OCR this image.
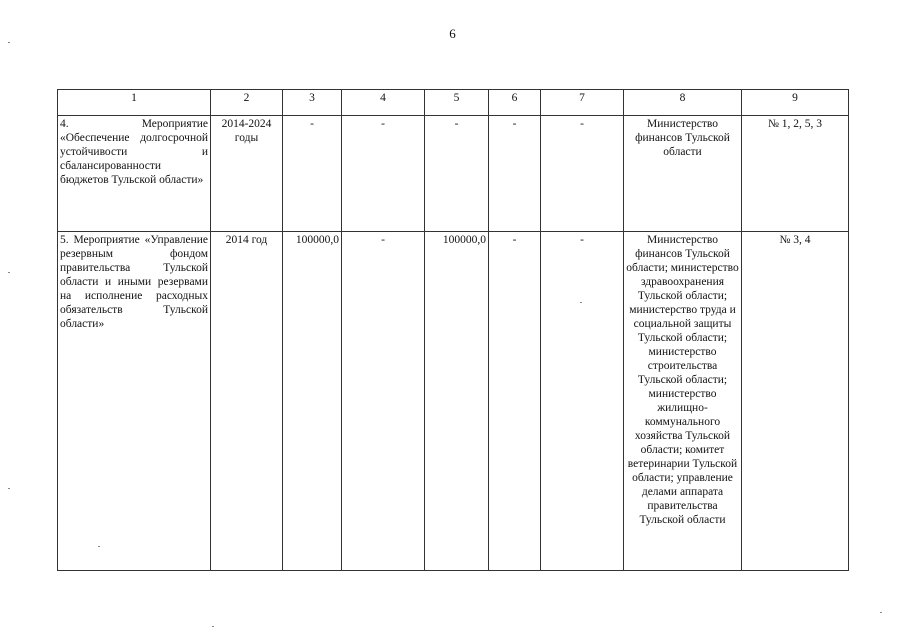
6
1	2	3	4	5	6	7	8	9
4. Мероприятие «Обеспечение долгосрочной устойчивости и сбалансированности бюджетов Тульской области»	2014-2024 годы	-	-	-	-	-	Министерство финансов Тульской области	№ 1, 2, 5, 3
5. Мероприятие «Управление резервным фондом правительства Тульской области и иными резервами на исполнение расходных обязательств Тульской области»	2014 год	100000,0	-	100000,0	-	-	Министерство финансов Тульской области; министерство здравоохранения Тульской области; министерство труда и социальной защиты Тульской области; министерство строительства Тульской области; министерство жилищно-коммунального хозяйства Тульской области; комитет ветеринарии Тульской области; управление делами аппарата правительства Тульской области	№ 3, 4
